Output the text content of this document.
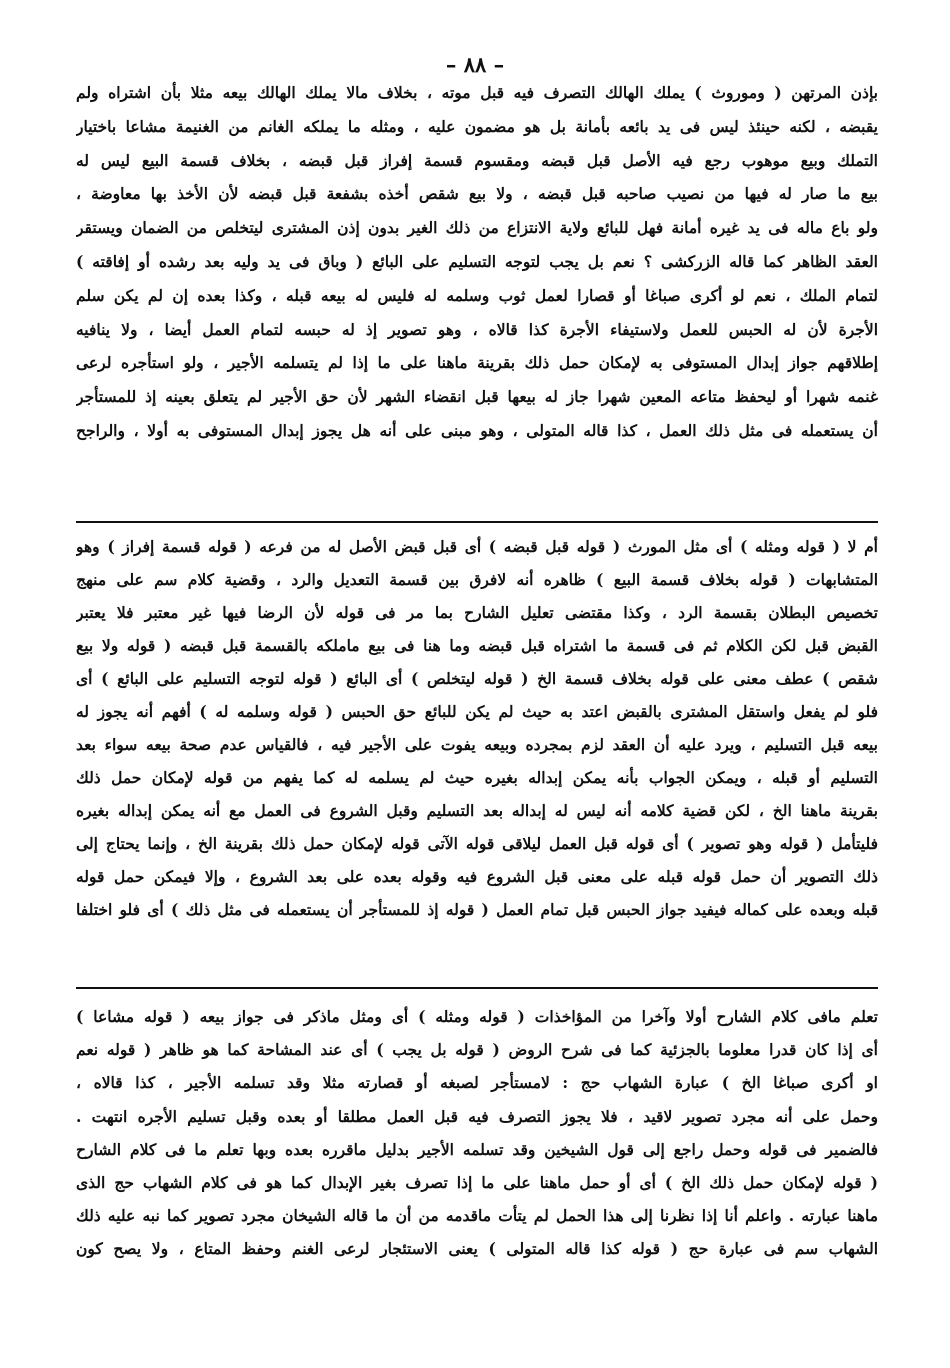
– ٨٨ –
بإذن المرتهن ( وموروث ) يملك الهالك التصرف فيه قبل موته ، بخلاف مالا يملك الهالك بيعه مثلا بأن اشتراه ولم
يقبضه ، لكنه حينئذ ليس فى يد بائعه بأمانة بل هو مضمون عليه ، ومثله ما يملكه الغانم من الغنيمة مشاعا باختيار
التملك وبيع موهوب رجع فيه الأصل قبل قبضه ومقسوم قسمة إفراز قبل قبضه ، بخلاف قسمة البيع ليس له
بيع ما صار له فيها من نصيب صاحبه قبل قبضه ، ولا بيع شقص أخذه بشفعة قبل قبضه لأن الأخذ بها معاوضة ،
ولو باع ماله فى يد غيره أمانة فهل للبائع ولاية الانتزاع من ذلك الغير بدون إذن المشترى ليتخلص من الضمان ويستقر
العقد الظاهر كما قاله الزركشى ؟ نعم بل يجب لتوجه التسليم على البائع ( وباق فى يد وليه بعد رشده أو إفاقته )
لتمام الملك ، نعم لو أكرى صباغا أو قصارا لعمل ثوب وسلمه له فليس له بيعه قبله ، وكذا بعده إن لم يكن سلم
الأجرة لأن له الحبس للعمل ولاستيفاء الأجرة كذا قالاه ، وهو تصوير إذ له حبسه لتمام العمل أيضا ، ولا ينافيه
إطلاقهم جواز إبدال المستوفى به لإمكان حمل ذلك بقرينة ماهنا على ما إذا لم يتسلمه الأجير ، ولو استأجره لرعى
غنمه شهرا أو ليحفظ متاعه المعين شهرا جاز له بيعها قبل انقضاء الشهر لأن حق الأجير لم يتعلق بعينه إذ للمستأجر
أن يستعمله فى مثل ذلك العمل ، كذا قاله المتولى ، وهو مبنى على أنه هل يجوز إبدال المستوفى به أولا ، والراجح
أم لا ( قوله ومثله ) أى مثل المورث ( قوله قبل قبضه ) أى قبل قبض الأصل له من فرعه ( قوله قسمة إفراز ) وهو
المتشابهات ( قوله بخلاف قسمة البيع ) ظاهره أنه لافرق بين قسمة التعديل والرد ، وقضية كلام سم على منهج
تخصيص البطلان بقسمة الرد ، وكذا مقتضى تعليل الشارح بما مر فى قوله لأن الرضا فيها غير معتبر فلا يعتبر
القبض قبل لكن الكلام ثم فى قسمة ما اشتراه قبل قبضه وما هنا فى بيع ماملكه بالقسمة قبل قبضه ( قوله ولا بيع
شقص ) عطف معنى على قوله بخلاف قسمة الخ ( قوله ليتخلص ) أى البائع ( قوله لتوجه التسليم على البائع ) أى
فلو لم يفعل واستقل المشترى بالقبض اعتد به حيث لم يكن للبائع حق الحبس ( قوله وسلمه له ) أفهم أنه يجوز له
بيعه قبل التسليم ، ويرد عليه أن العقد لزم بمجرده وبيعه يفوت على الأجير فيه ، فالقياس عدم صحة بيعه سواء بعد
التسليم أو قبله ، ويمكن الجواب بأنه يمكن إبداله بغيره حيث لم يسلمه له كما يفهم من قوله لإمكان حمل ذلك
بقرينة ماهنا الخ ، لكن قضية كلامه أنه ليس له إبداله بعد التسليم وقبل الشروع فى العمل مع أنه يمكن إبداله بغيره
فليتأمل ( قوله وهو تصوير ) أى قوله قبل العمل ليلاقى قوله الآتى قوله لإمكان حمل ذلك بقرينة الخ ، وإنما يحتاج إلى
ذلك التصوير أن حمل قوله قبله على معنى قبل الشروع فيه وقوله بعده على بعد الشروع ، وإلا فيمكن حمل قوله
قبله وبعده على كماله فيفيد جواز الحبس قبل تمام العمل ( قوله إذ للمستأجر أن يستعمله فى مثل ذلك ) أى فلو اختلفا
تعلم مافى كلام الشارح أولا وآخرا من المؤاخذات ( قوله ومثله ) أى ومثل ماذكر فى جواز بيعه ( قوله مشاعا )
أى إذا كان قدرا معلوما بالجزئية كما فى شرح الروض ( قوله بل يجب ) أى عند المشاحة كما هو ظاهر ( قوله نعم
او أكرى صباغا الخ ) عبارة الشهاب حج : لامستأجر لصبغه أو قصارته مثلا وقد تسلمه الأجير ، كذا قالاه ،
وحمل على أنه مجرد تصوير لاقيد ، فلا يجوز التصرف فيه قبل العمل مطلقا أو بعده وقبل تسليم الأجره انتهت .
فالضمير فى قوله وحمل راجع إلى قول الشيخين وقد تسلمه الأجير بدليل ماقرره بعده وبها تعلم ما فى كلام الشارح
( قوله لإمكان حمل ذلك الخ ) أى أو حمل ماهنا على ما إذا تصرف بغير الإبدال كما هو فى كلام الشهاب حج الذى
ماهنا عبارته . واعلم أنا إذا نظرنا إلى هذا الحمل لم يتأت ماقدمه من أن ما قاله الشيخان مجرد تصوير كما نبه عليه ذلك
الشهاب سم فى عبارة حج ( قوله كذا قاله المتولى ) يعنى الاستئجار لرعى الغنم وحفظ المتاع ، ولا يصح كون
